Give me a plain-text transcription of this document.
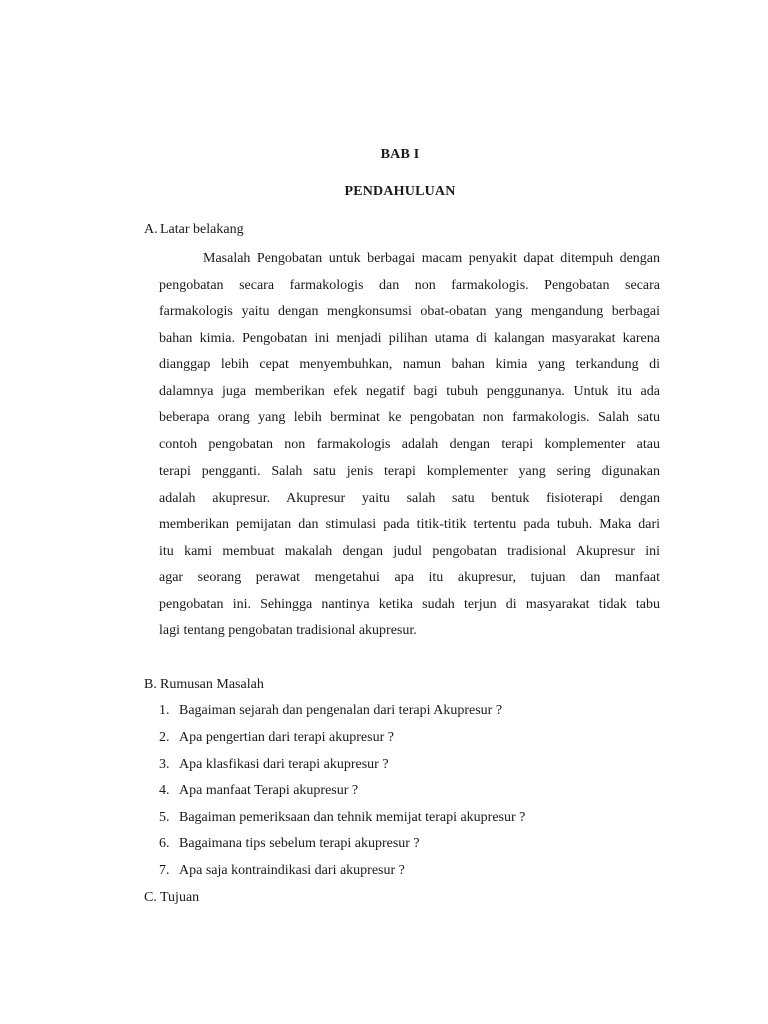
BAB I
PENDAHULUAN
A. Latar belakang
Masalah Pengobatan untuk berbagai macam penyakit dapat ditempuh dengan
pengobatan secara farmakologis dan non farmakologis. Pengobatan secara
farmakologis yaitu dengan mengkonsumsi obat-obatan yang mengandung berbagai
bahan kimia. Pengobatan ini menjadi pilihan utama di kalangan masyarakat karena
dianggap lebih cepat menyembuhkan, namun bahan kimia yang terkandung di
dalamnya juga memberikan efek negatif bagi tubuh penggunanya. Untuk itu ada
beberapa orang yang lebih berminat ke pengobatan non farmakologis. Salah satu
contoh pengobatan non farmakologis adalah dengan terapi komplementer atau
terapi pengganti. Salah satu jenis terapi komplementer yang sering digunakan
adalah akupresur. Akupresur yaitu salah satu bentuk fisioterapi dengan
memberikan pemijatan dan stimulasi pada titik-titik tertentu pada tubuh. Maka dari
itu kami membuat makalah dengan judul pengobatan tradisional Akupresur ini
agar seorang perawat mengetahui apa itu akupresur, tujuan dan manfaat
pengobatan ini. Sehingga nantinya ketika sudah terjun di masyarakat tidak tabu
lagi tentang pengobatan tradisional akupresur.
B. Rumusan Masalah
1. Bagaiman sejarah dan pengenalan dari terapi Akupresur ?
2. Apa pengertian dari terapi akupresur ?
3. Apa klasfikasi dari terapi akupresur ?
4. Apa manfaat Terapi akupresur ?
5. Bagaiman pemeriksaan dan tehnik memijat terapi akupresur ?
6. Bagaimana tips sebelum terapi akupresur ?
7. Apa saja kontraindikasi dari akupresur ?
C. Tujuan
